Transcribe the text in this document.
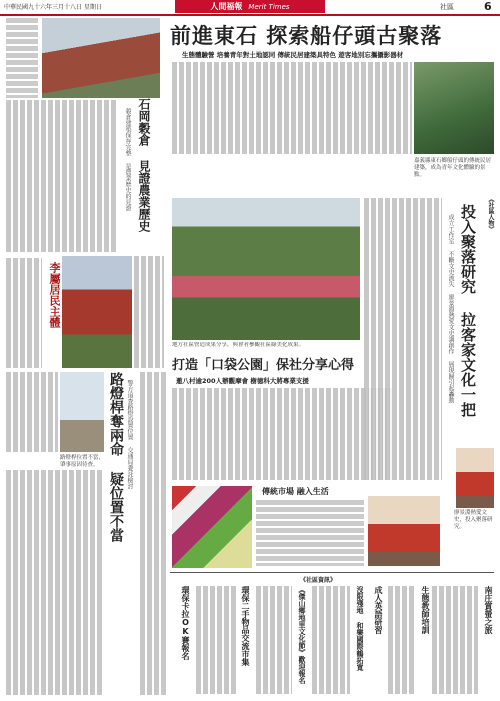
中華民國九十六年三月十八日 星期日	人間福報 Merit Times	社區	6
前進東石 探索船仔頭古聚落
生態體驗營 培養青年對土地認同 傳統民居建築具特色 遊客地別忘攜攝影器材
石岡穀倉 見證農業歷史
穀倉建築保存完整 是農業歷史的見證
李屬居民主體
路燈桿奪兩命 疑位置不當 警方追查路燈設置位置 交通局委託檢討
路燈桿位置不當，肇事原因待查。
嘉義縣東石鄉船仔頭的傳統民居建築，成為青年文化體驗的景點。
地方社區營造成果分享，與會者參觀社區綠美化成果。
打造「口袋公園」保社分享心得
邀八村逾200人辦觀摩會 樹德科大將專業支援
《社區人物》
投入聚落研究 拉客家文化一把
成立工作室 不斷文史流失 廖景淵熱愛文史講創作 展現歸引起轟動
廖景淵熱愛文史，投入聚落研究。
傳統市場 融入生活
《社區資訊》
南庄賞螢之旅
生態教師培訓
成人英語研習
沒限殘地 和樂國際鶴拓寬
《傑山鄉地里文化節》歡迎報名
環保二手物品交流市集
環保卡拉OK賽報名
